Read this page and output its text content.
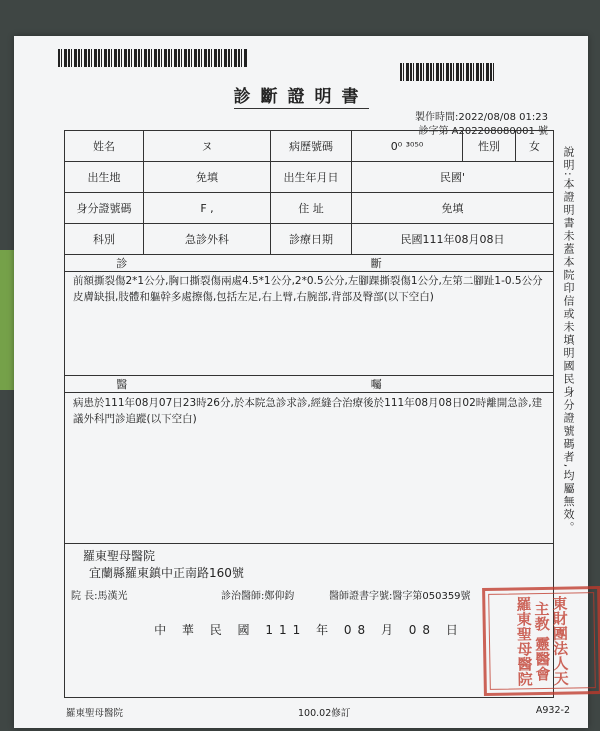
診斷證明書
製作時間:2022/08/08 01:23
診字第 A202208080001 號
姓名	ヌ	病歷號碼	0⁰ ³⁰⁵⁰	性別	女
出生地	免填	出生年月日	民國'
身分證號碼	F ,	住 址	免填
科別	急診外科	診療日期	民國111年08月08日
診 斷
前額撕裂傷2*1公分,胸口撕裂傷兩處4.5*1公分,2*0.5公分,左腳踝撕裂傷1公分,左第二腳趾1-0.5公分皮膚缺損,肢體和軀幹多處擦傷,包括左足,右上臂,右腕部,背部及臀部(以下空白)
醫 囑
病患於111年08月07日23時26分,於本院急診求診,經縫合治療後於111年08月08日02時離開急診,建議外科門診追蹤(以下空白)
羅東聖母醫院
宜蘭縣羅東鎮中正南路160號
院 長:馬漢光	診治醫師:鄭仰鈞	醫師證書字號:醫字第050359號	東財團法人天主教 靈醫會羅東聖母醫院
中 華 民 國 111 年 08 月 08 日
說明:本證明書未蓋本院印信或未填明國民身分證號碼者,均屬無效。
羅東聖母醫院	100.02修訂	A932-2
